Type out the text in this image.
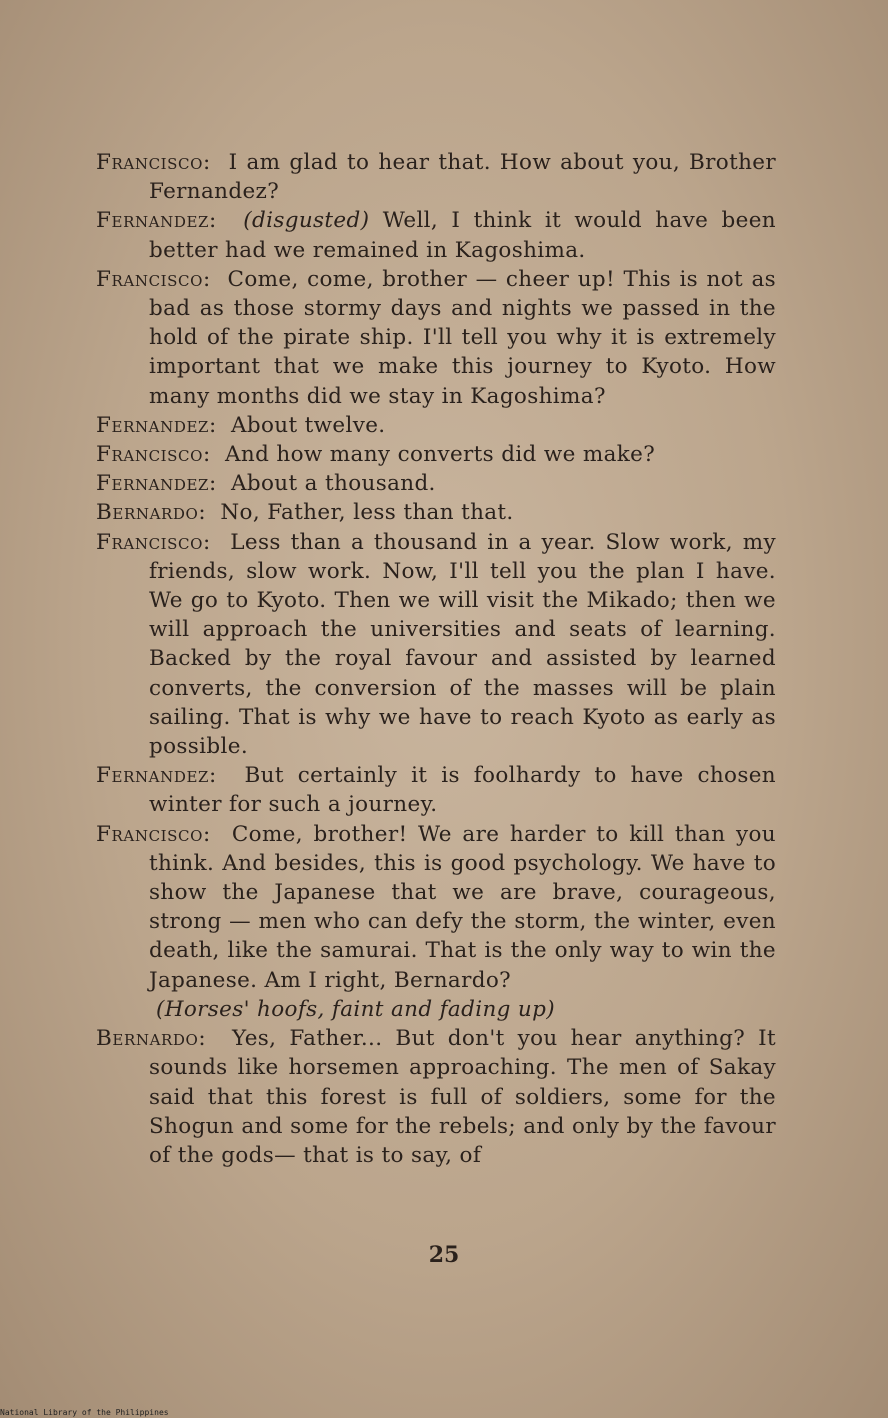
Francisco:  I am glad to hear that. How about you, Brother Fernandez?

Fernandez:  (disgusted) Well, I think it would have been better had we remained in Kagoshima.

Francisco:  Come, come, brother — cheer up! This is not as bad as those stormy days and nights we passed in the hold of the pirate ship. I'll tell you why it is extremely important that we make this journey to Kyoto. How many months did we stay in Kagoshima?

Fernandez:  About twelve.

Francisco:  And how many converts did we make?

Fernandez:  About a thousand.

Bernardo:  No, Father, less than that.

Francisco:  Less than a thousand in a year. Slow work, my friends, slow work. Now, I'll tell you the plan I have. We go to Kyoto. Then we will visit the Mikado; then we will approach the universities and seats of learning. Backed by the royal favour and assisted by learned converts, the conversion of the masses will be plain sailing. That is why we have to reach Kyoto as early as possible.

Fernandez:  But certainly it is foolhardy to have chosen winter for such a journey.

Francisco:  Come, brother! We are harder to kill than you think. And besides, this is good psychology. We have to show the Japanese that we are brave, courageous, strong — men who can defy the storm, the winter, even death, like the samurai. That is the only way to win the Japanese. Am I right, Bernardo?

(Horses' hoofs, faint and fading up)

Bernardo:  Yes, Father... But don't you hear anything? It sounds like horsemen approaching. The men of Sakay said that this forest is full of soldiers, some for the Shogun and some for the rebels; and only by the favour of the gods— that is to say, of

25
National Library of the Philippines
